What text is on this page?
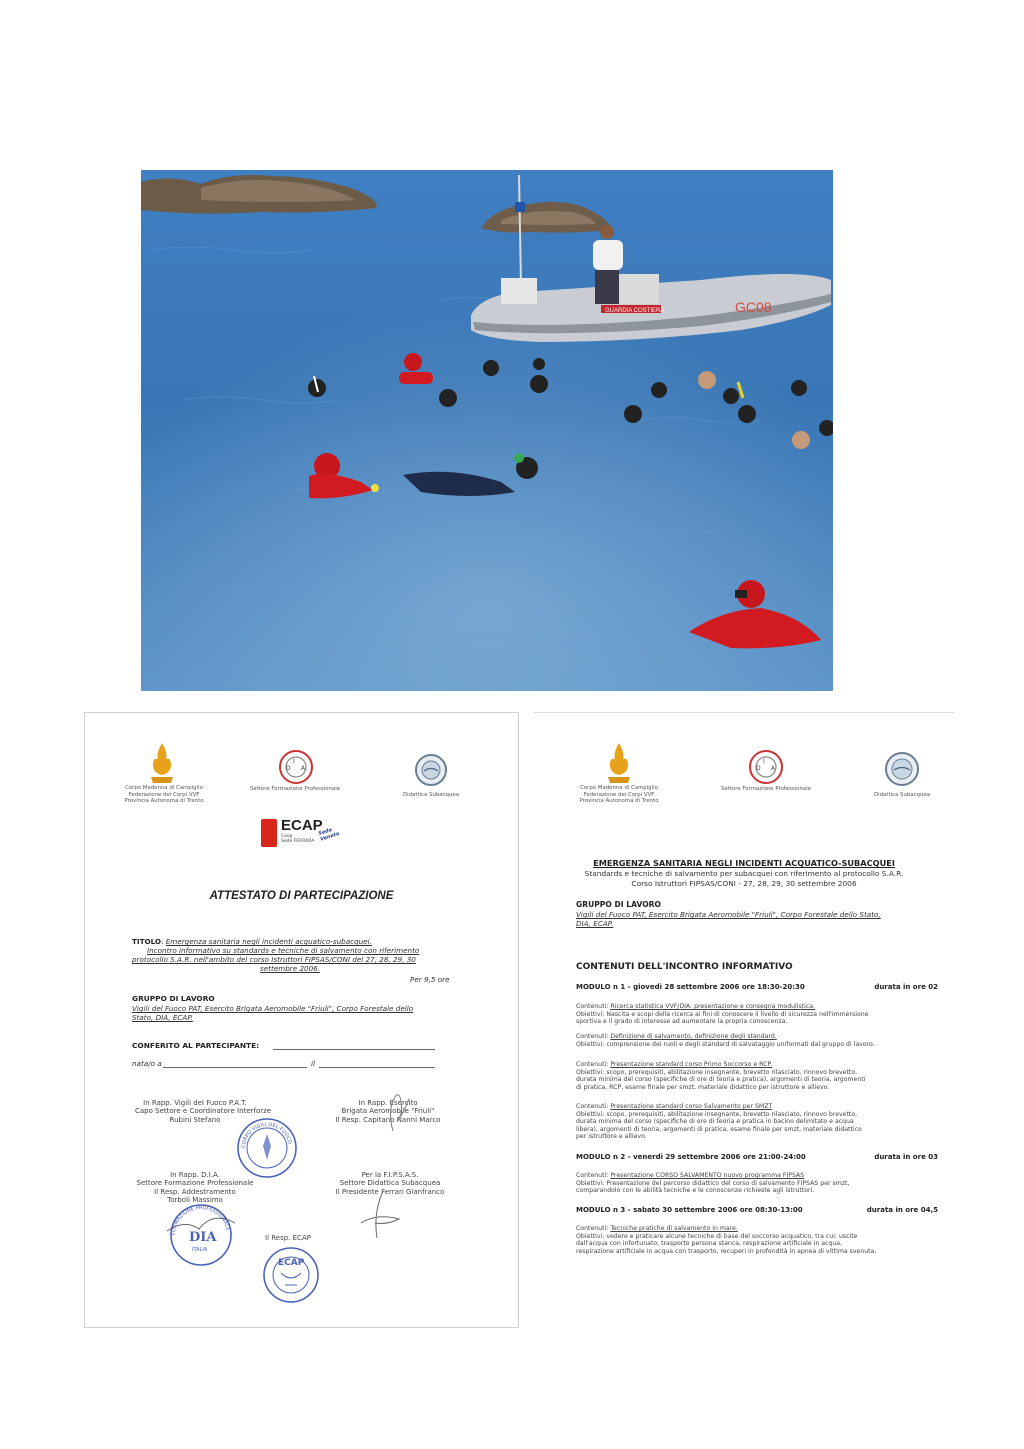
GUARDIA COSTIERA	GC08
Corpo Madonna di Campiglio
Federazione dei Corpi VVF
Provincia Autonoma di Trento
D
I
A
Settore Formazione Professionale
Didattica Subacquea
ECAP
Coop
Sede FERRARA
Sede Veneto
ATTESTATO DI PARTECIPAZIONE
TITOLO: Emergenza sanitaria negli incidenti acquatico-subacquei.
Incontro informativo su standards e tecniche di salvamento con riferimento
protocollo S.A.R. nell'ambito del corso Istruttori FIPSAS/CONI del 27, 28, 29, 30
settembre 2006.
Per 9,5 ore
GRUPPO DI LAVORO
Vigili del Fuoco PAT, Esercito Brigata Aeromobile "Friuli", Corpo Forestale dello
Stato, DIA, ECAP.
CONFERITO AL PARTECIPANTE:
nata/o a	il
In Rapp. Vigili del Fuoco P.A.T.
Capo Settore e Coordinatore Interforze
Rubini Stefano
In Rapp. Esercito
Brigata Aeromobile "Friuli"
Il Resp. Capitano Nanni Marco
CORPO VIGILI DEL FUOCO
In Rapp. D.I.A.
Settore Formazione Professionale
Il Resp. Addestramento
Torboli Massimo
Per la F.I.P.S.A.S.
Settore Didattica Subacquea
Il Presidente Ferrari Gianfranco
FORMAZIONE PROFESSIONALE
DIA
ITALIA
Il Resp. ECAP
ECAP
Corpo Madonna di Campiglio
Federazione dei Corpi VVF
Provincia Autonoma di Trento
D
I
A
Settore Formazione Professionale
Didattica Subacquea
EMERGENZA SANITARIA NEGLI INCIDENTI ACQUATICO-SUBACQUEI
Standards e tecniche di salvamento per subacquei con riferimento al protocollo S.A.R.
Corso Istruttori FIPSAS/CONI - 27, 28, 29, 30 settembre 2006
GRUPPO DI LAVORO
Vigili del Fuoco PAT, Esercito Brigata Aeromobile "Friuli", Corpo Forestale dello Stato,
DIA, ECAP.
CONTENUTI DELL'INCONTRO INFORMATIVO
MODULO n 1 - giovedì 28 settembre 2006 ore 18:30-20:30	durata in ore 02
Contenuti: Ricerca statistica VVF/DIA: presentazione e consegna modulistica.
Obiettivi: Nascita e scopi della ricerca ai fini di conoscere il livello di sicurezza nell'immersione
sportiva e il grado di interesse ad aumentare la propria conoscenza.
Contenuti: Definizione di salvamento, definizione degli standard.
Obiettivi: comprensione dei ruoli e degli standard di salvataggio uniformati dal gruppo di lavoro.
Contenuti: Presentazione standard corso Primo Soccorso e RCP.
Obiettivi: scopo, prerequisiti, abilitazione insegnante, brevetto rilasciato, rinnovo brevetto,
durata minima del corso (specifiche di ore di teoria e pratica), argomenti di teoria, argomenti
di pratica, RCP, esame finale per smzt, materiale didattico per istruttore e allievo.
Contenuti: Presentazione standard corso Salvamento per SMZT
Obiettivi: scopo, prerequisiti, abilitazione insegnante, brevetto rilasciato, rinnovo brevetto,
durata minima del corso (specifiche di ore di teoria e pratica in bacino delimitato e acqua
libera), argomenti di teoria, argomenti di pratica, esame finale per smzt, materiale didattico
per istruttore e allievo.
MODULO n 2 - venerdì 29 settembre 2006 ore 21:00-24:00	durata in ore 03
Contenuti: Presentazione CORSO SALVAMENTO nuovo programma FIPSAS
Obiettivi: Presentazione del percorso didattico del corso di salvamento FIPSAS per smzt,
comparandolo con le abilità tecniche e le conoscenze richieste agli istruttori.
MODULO n 3 - sabato 30 settembre 2006 ore 08:30-13:00	durata in ore 04,5
Contenuti: Tecniche pratiche di salvamento in mare.
Obiettivi: vedere e praticare alcune tecniche di base del soccorso acquatico, tra cui: uscite
dall'acqua con infortunato, trasporto persona stanca, respirazione artificiale in acqua,
respirazione artificiale in acqua con trasporto, recuperi in profondità in apnea di vittima svenuta.
